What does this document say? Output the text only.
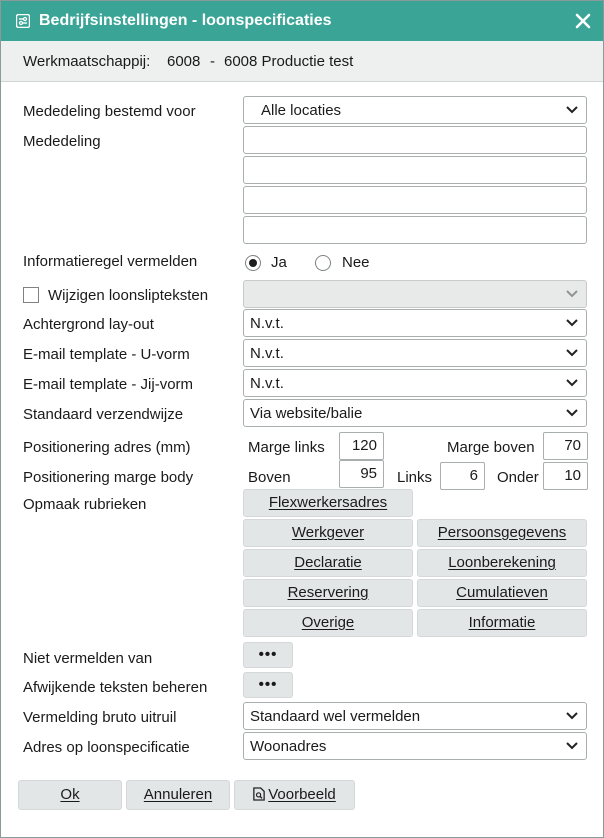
Bedrijfsinstellingen - loonspecificaties
Werkmaatschappij: 6008 - 6008 Productie test
Mededeling bestemd voor	Alle locaties
Mededeling
Informatieregel vermelden	Ja	Nee
Wijzigen loonslipteksten
Achtergrond lay-out	N.v.t.
E-mail template - U-vorm	N.v.t.
E-mail template - Jij-vorm	N.v.t.
Standaard verzendwijze	Via website/balie
Positionering adres (mm)	Marge links	120	Marge boven	70
Positionering marge body	Boven	95	Links	6	Onder	10
Opmaak rubrieken	Flexwerkersadres
Werkgever	Persoonsgegevens
Declaratie	Loonberekening
Reservering	Cumulatieven
Overige	Informatie
Niet vermelden van	•••
Afwijkende teksten beheren	•••
Vermelding bruto uitruil	Standaard wel vermelden
Adres op loonspecificatie	Woonadres
Ok	Annuleren	Voorbeeld
